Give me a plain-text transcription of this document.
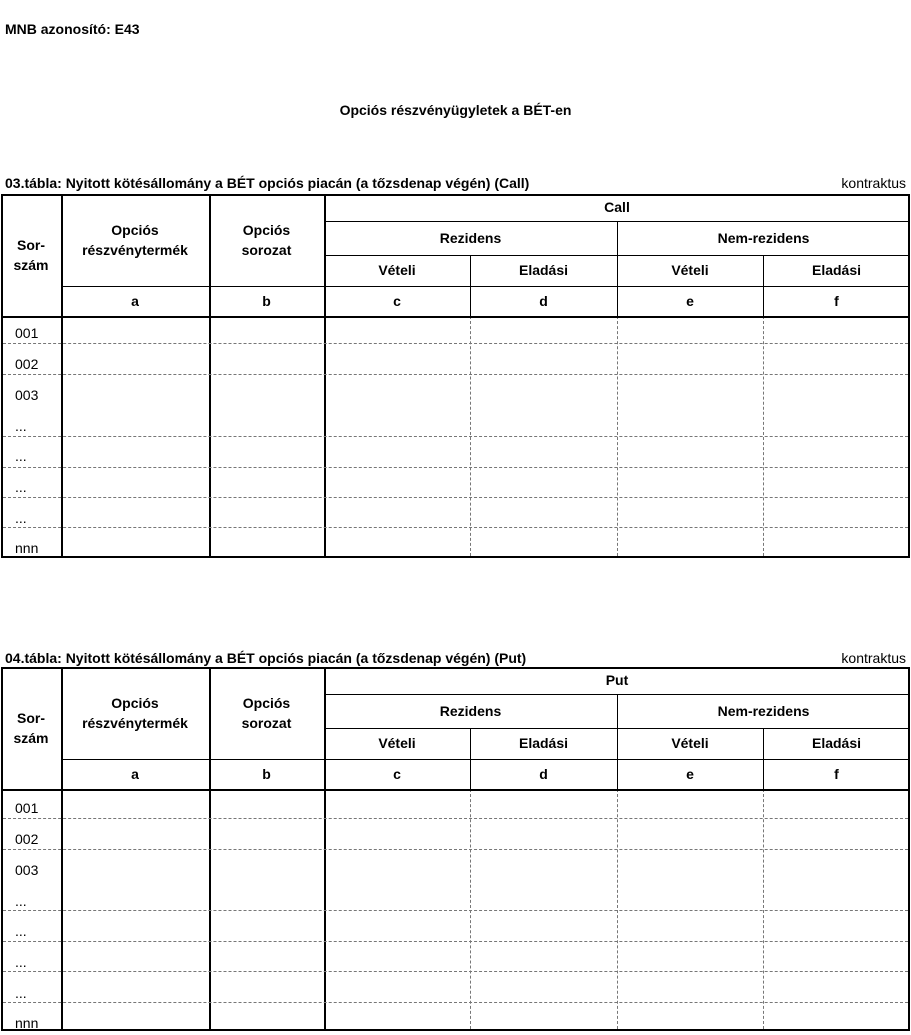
MNB azonosító: E43
Opciós részvényügyletek a BÉT-en
03.tábla: Nyitott kötésállomány a BÉT opciós piacán (a tőzsdenap végén) (Call)	kontraktus
Sor-
szám
Opciós
részvénytermék
Opciós
sorozat
Call
Rezidens	Nem-rezidens
Vételi	Eladási	Vételi	Eladási
a	b	c	d	e	f
001
002
003
...
...
...
...
nnn
04.tábla: Nyitott kötésállomány a BÉT opciós piacán (a tőzsdenap végén) (Put)	kontraktus
Sor-
szám
Opciós
részvénytermék
Opciós
sorozat
Put
Rezidens	Nem-rezidens
Vételi	Eladási	Vételi	Eladási
a	b	c	d	e	f
001
002
003
...
...
...
...
nnn
